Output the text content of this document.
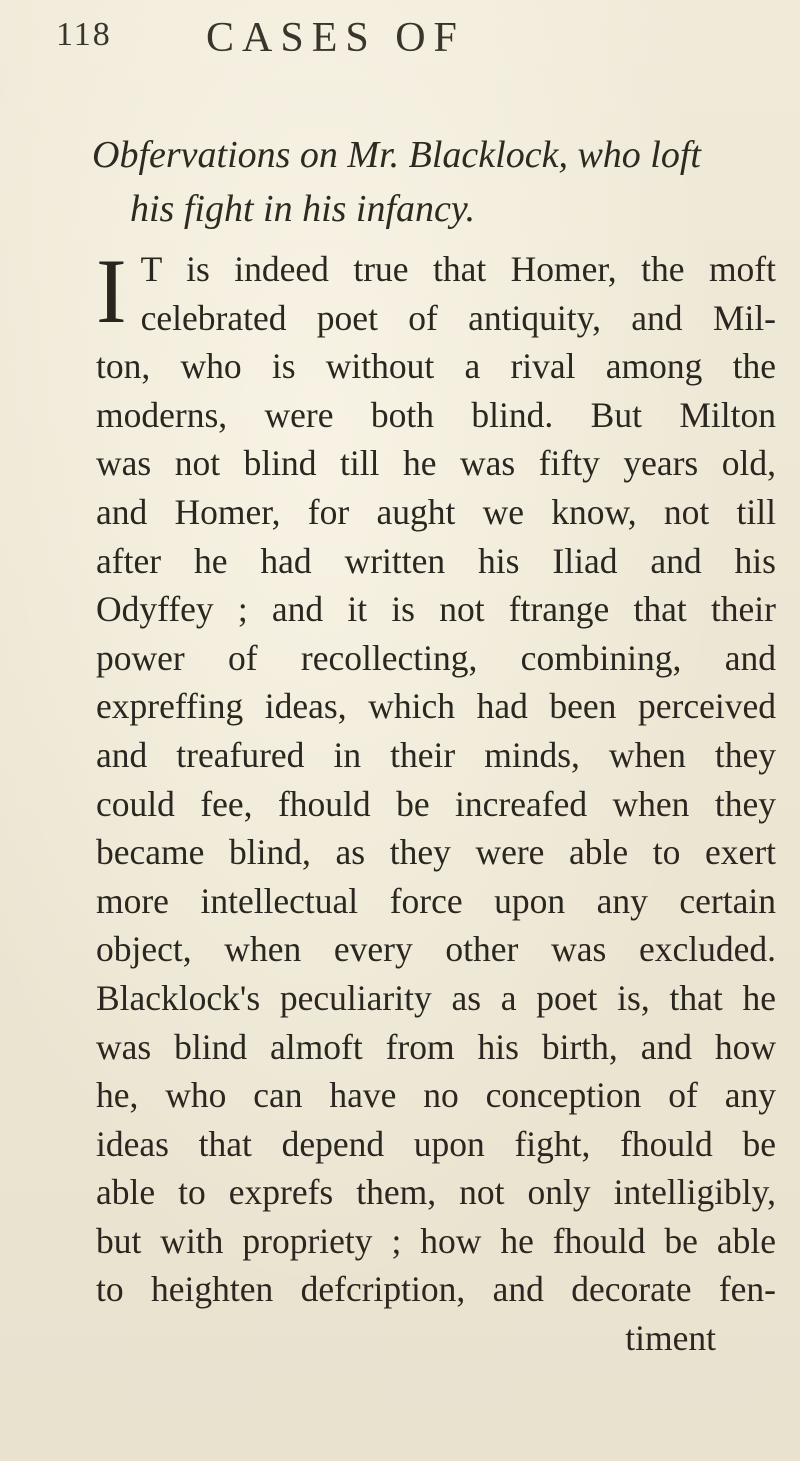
118 CASES OF
Obfervations on Mr. Blacklock, who loft
his fight in his infancy.
I T is indeed true that Homer, the moft
celebrated poet of antiquity, and Mil-
ton, who is without a rival among the
moderns, were both blind. But Milton
was not blind till he was fifty years old,
and Homer, for aught we know, not till
after he had written his Iliad and his
Odyffey ; and it is not ftrange that their
power of recollecting, combining, and
expreffing ideas, which had been perceived
and treafured in their minds, when they
could fee, fhould be increafed when they
became blind, as they were able to exert
more intellectual force upon any certain
object, when every other was excluded.
Blacklock's peculiarity as a poet is, that he
was blind almoft from his birth, and how
he, who can have no conception of any
ideas that depend upon fight, fhould be
able to exprefs them, not only intelligibly,
but with propriety ; how he fhould be able
to heighten defcription, and decorate fen-
timent
